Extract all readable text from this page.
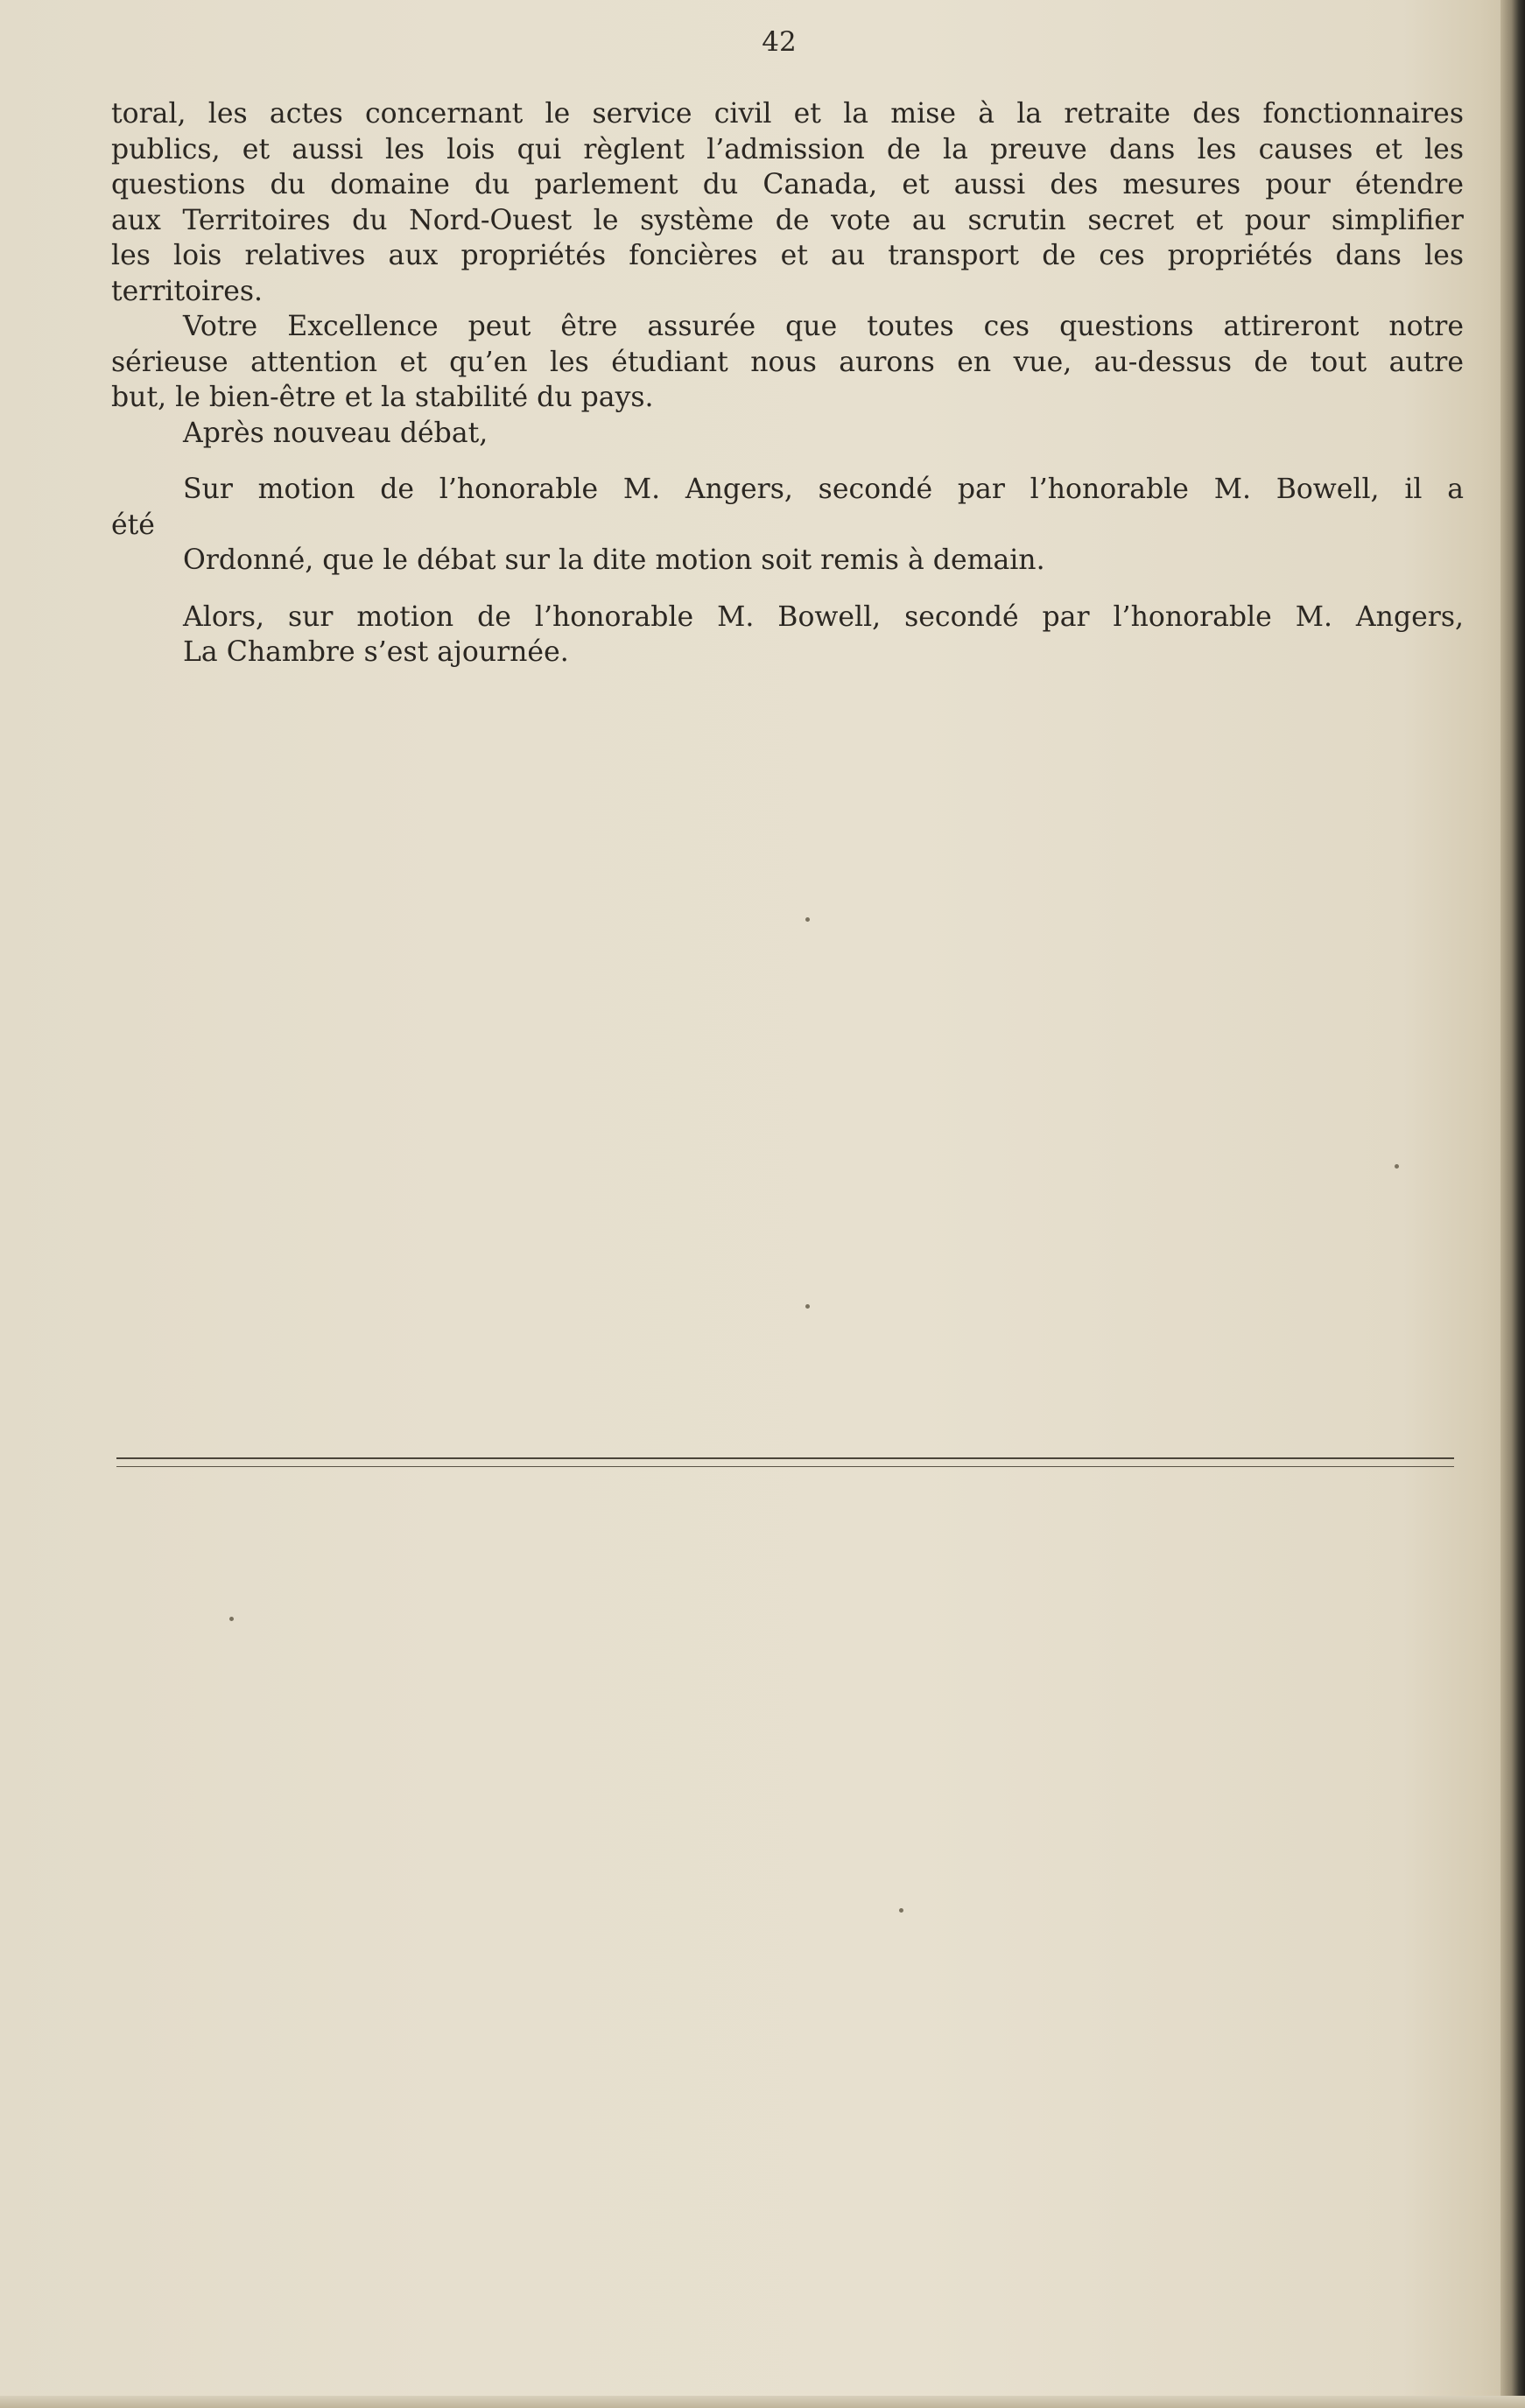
42

toral, les actes concernant le service civil et la mise à la retraite des fonctionnaires

publics, et aussi les lois qui règlent l’admission de la preuve dans les causes et les

questions du domaine du parlement du Canada, et aussi des mesures pour étendre

aux Territoires du Nord-Ouest le système de vote au scrutin secret et pour simplifier

les lois relatives aux propriétés foncières et au transport de ces propriétés dans les

territoires.

Votre Excellence peut être assurée que toutes ces questions attireront notre

sérieuse attention et qu’en les étudiant nous aurons en vue, au-dessus de tout autre

but, le bien-être et la stabilité du pays.

Après nouveau débat,

Sur motion de l’honorable M. Angers, secondé par l’honorable M. Bowell, il a

été

Ordonné, que le débat sur la dite motion soit remis à demain.

Alors, sur motion de l’honorable M. Bowell, secondé par l’honorable M. Angers,

La Chambre s’est ajournée.
